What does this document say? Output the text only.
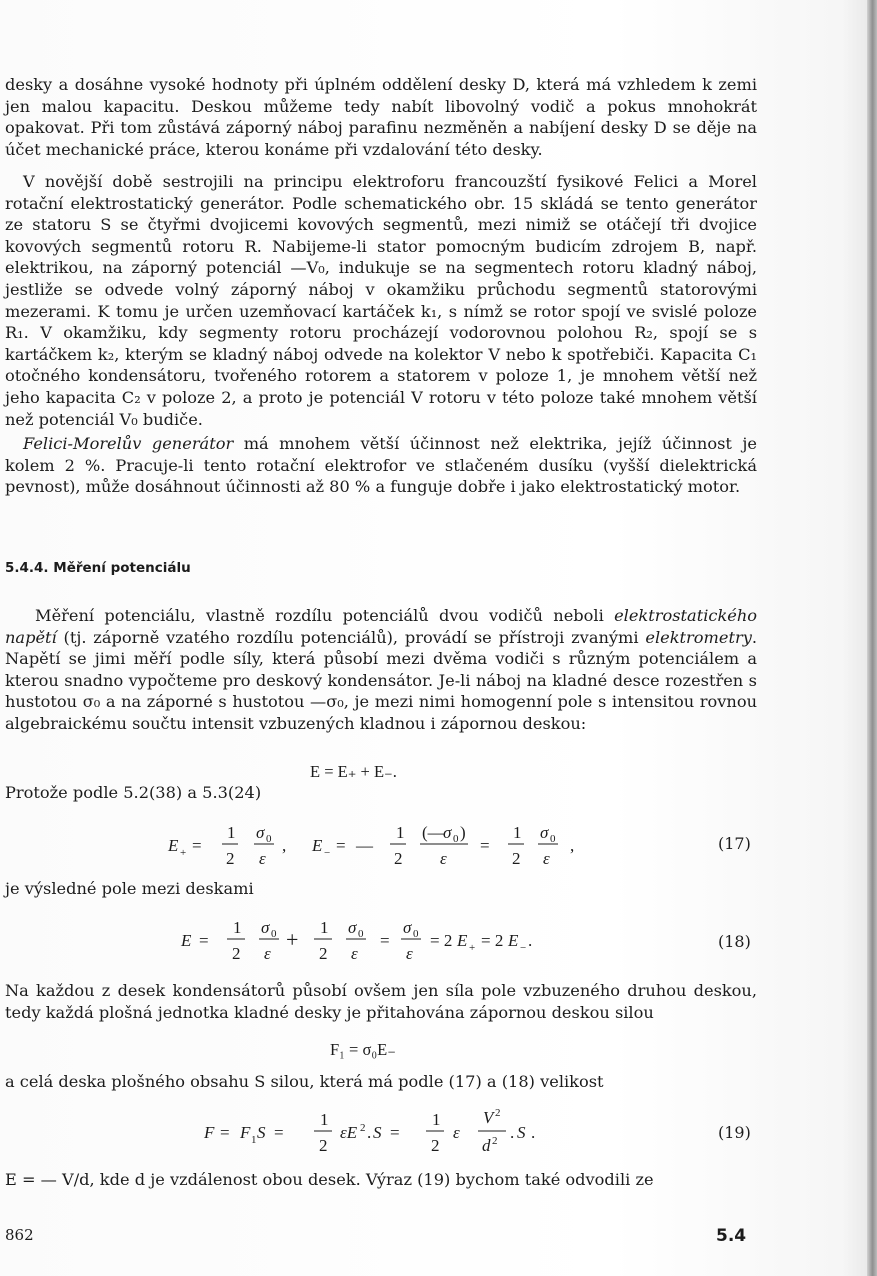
desky a dosáhne vysoké hodnoty při úplném oddělení desky D, která má vzhledem k zemi jen malou kapacitu. Deskou můžeme tedy nabít libovolný vodič a pokus mnohokrát opakovat. Při tom zůstává záporný náboj parafinu nezměněn a nabíjení desky D se děje na účet mechanické práce, kterou konáme při vzdalování této desky.

V novější době sestrojili na principu elektroforu francouzští fysikové Felici a Morel rotační elektrostatický generátor. Podle schematického obr. 15 skládá se tento generátor ze statoru S se čtyřmi dvojicemi kovových segmentů, mezi nimiž se otáčejí tři dvojice kovových segmentů rotoru R. Nabijeme-li stator pomocným budicím zdrojem B, např. elektrikou, na záporný potenciál —V₀, indukuje se na segmentech rotoru kladný náboj, jestliže se odvede volný záporný náboj v okamžiku průchodu segmentů statorovými mezerami. K tomu je určen uzemňovací kartáček k₁, s nímž se rotor spojí ve svislé poloze R₁. V okamžiku, kdy segmenty rotoru procházejí vodorovnou polohou R₂, spojí se s kartáčkem k₂, kterým se kladný náboj odvede na kolektor V nebo k spotřebiči. Kapacita C₁ otočného kondensátoru, tvořeného rotorem a statorem v poloze 1, je mnohem větší než jeho kapacita C₂ v poloze 2, a proto je potenciál V rotoru v této poloze také mnohem větší než potenciál V₀ budiče.

Felici-Morelův generátor má mnohem větší účinnost než elektrika, jejíž účinnost je kolem 2 %. Pracuje-li tento rotační elektrofor ve stlačeném dusíku (vyšší dielektrická pevnost), může dosáhnout účinnosti až 80 % a funguje dobře i jako elektrostatický motor.

5.4.4. Měření potenciálu

Měření potenciálu, vlastně rozdílu potenciálů dvou vodičů neboli elektrostatického napětí (tj. záporně vzatého rozdílu potenciálů), provádí se přístroji zvanými elektrometry. Napětí se jimi měří podle síly, která působí mezi dvěma vodiči s různým potenciálem a kterou snadno vypočteme pro deskový kondensátor. Je-li náboj na kladné desce rozestřen s hustotou σ₀ a na záporné s hustotou —σ₀, je mezi nimi homogenní pole s intensitou rovnou algebraickému součtu intensit vzbuzených kladnou i zápornou deskou:

E = E₊ + E₋.
Protože podle 5.2(38) a 5.3(24)
E + =
1
2
σ 0
ε
, E − = —
1
2
(—
σ 0 )
ε
=
1
2
σ 0
ε
,	(17)
je výsledné pole mezi deskami
E =
1
2
σ 0
ε
+ 1
2
σ 0
ε
=
σ 0
ε
= 2 E + = 2 E − .	(18)

Na každou z desek kondensátorů působí ovšem jen síla pole vzbuzeného druhou deskou, tedy každá plošná jednotka kladné desky je přitahována zápornou deskou silou

F₁ = σ₀E₋
a celá deska plošného obsahu S silou, která má podle (17) a (18) velikost
F = F 1 S =
1
2
εE 2 . S =
1
2
ε
V 2
d 2 . S .	(19)
E = — V/d, kde d je vzdálenost obou desek. Výraz (19) bychom také odvodili ze
862	5.4
